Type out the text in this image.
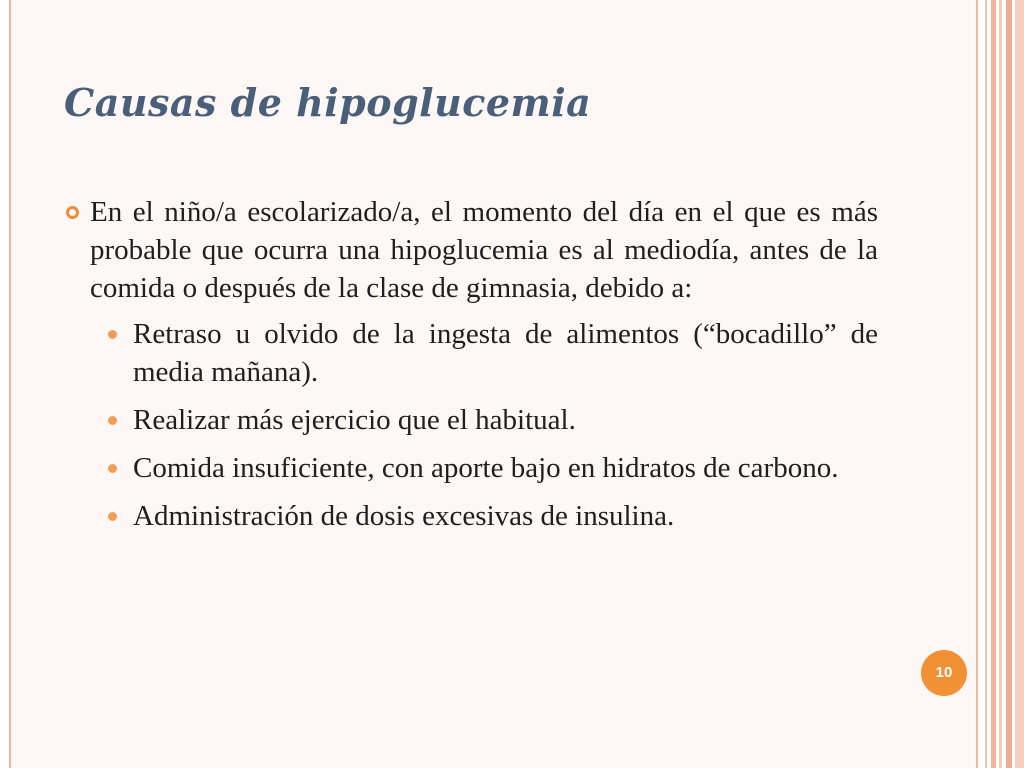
Causas de hipoglucemia

En el niño/a escolarizado/a, el momento del día en el que es más probable que ocurra una hipoglucemia es al mediodía, antes de la comida o después de la clase de gimnasia, debido a:

Retraso u olvido de la ingesta de alimentos (“bocadillo” de media mañana).
Realizar más ejercicio que el habitual.
Comida insuficiente, con aporte bajo en hidratos de carbono.
Administración de dosis excesivas de insulina.
10
